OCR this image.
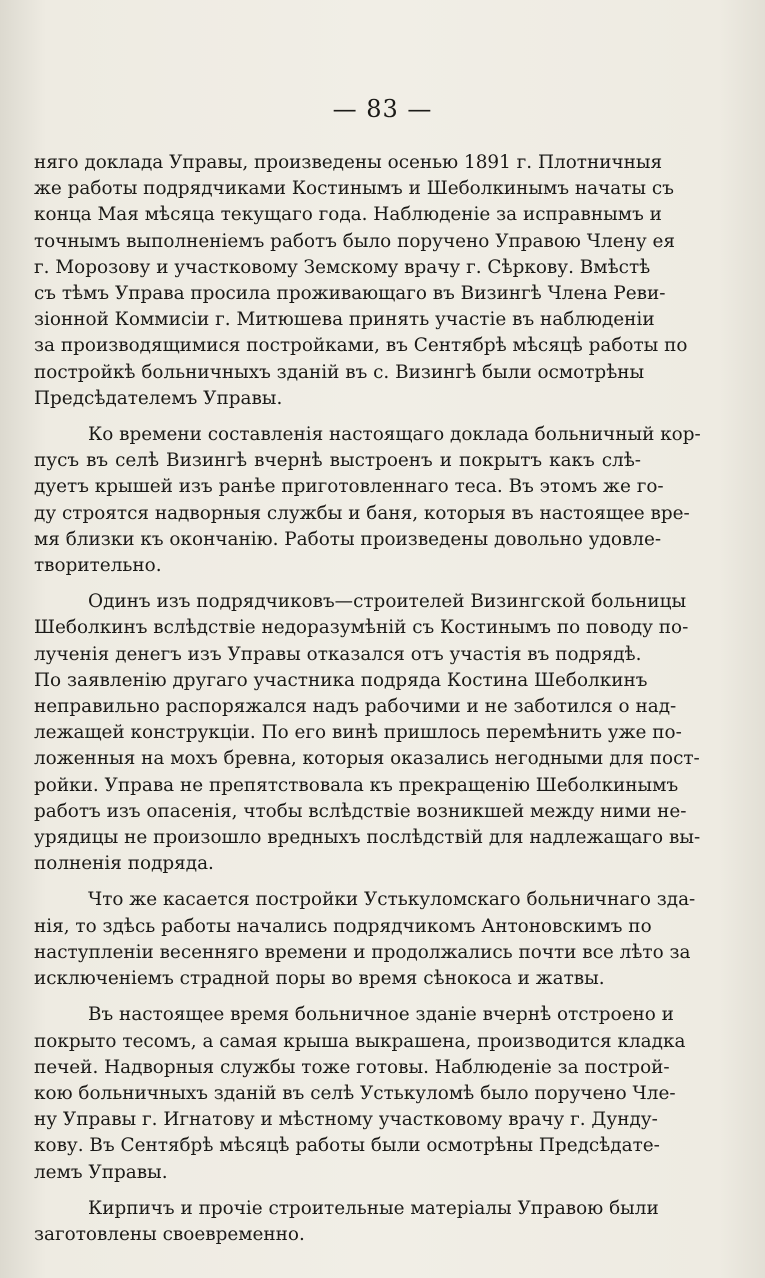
— 83 —
няго доклада Управы, произведены осенью 1891 г. Плотничныя
же работы подрядчиками Костинымъ и Шеболкинымъ начаты съ
конца Мая мѣсяца текущаго года. Наблюденіе за исправнымъ и
точнымъ выполненіемъ работъ было поручено Управою Члену ея
г. Морозову и участковому Земскому врачу г. Сѣркову. Вмѣстѣ
съ тѣмъ Управа просила проживающаго въ Визингѣ Члена Реви-
зіонной Коммисіи г. Митюшева принять участіе въ наблюденіи
за производящимися постройками, въ Сентябрѣ мѣсяцѣ работы по
постройкѣ больничныхъ зданій въ с. Визингѣ были осмотрѣны
Предсѣдателемъ Управы.
Ко времени составленія настоящаго доклада больничный кор-
пусъ въ селѣ Визингѣ вчернѣ выстроенъ и покрытъ какъ слѣ-
дуетъ крышей изъ ранѣе приготовленнаго теса. Въ этомъ же го-
ду строятся надворныя службы и баня, которыя въ настоящее вре-
мя близки къ окончанію. Работы произведены довольно удовле-
творительно.
Одинъ изъ подрядчиковъ—строителей Визингской больницы
Шеболкинъ вслѣдствіе недоразумѣній съ Костинымъ по поводу по-
лученія денегъ изъ Управы отказался отъ участія въ подрядѣ.
По заявленію другаго участника подряда Костина Шеболкинъ
неправильно распоряжался надъ рабочими и не заботился о над-
лежащей конструкціи. По его винѣ пришлось перемѣнить уже по-
ложенныя на мохъ бревна, которыя оказались негодными для пост-
ройки. Управа не препятствовала къ прекращенію Шеболкинымъ
работъ изъ опасенія, чтобы вслѣдствіе возникшей между ними не-
урядицы не произошло вредныхъ послѣдствій для надлежащаго вы-
полненія подряда.
Что же касается постройки Устькуломскаго больничнаго зда-
нія, то здѣсь работы начались подрядчикомъ Антоновскимъ по
наступленіи весенняго времени и продолжались почти все лѣто за
исключеніемъ страдной поры во время сѣнокоса и жатвы.
Въ настоящее время больничное зданіе вчернѣ отстроено и
покрыто тесомъ, а самая крыша выкрашена, производится кладка
печей. Надворныя службы тоже готовы. Наблюденіе за построй-
кою больничныхъ зданій въ селѣ Устькуломѣ было поручено Чле-
ну Управы г. Игнатову и мѣстному участковому врачу г. Дунду-
кову. Въ Сентябрѣ мѣсяцѣ работы были осмотрѣны Предсѣдате-
лемъ Управы.
Кирпичъ и прочіе строительные матеріалы Управою были
заготовлены своевременно.
